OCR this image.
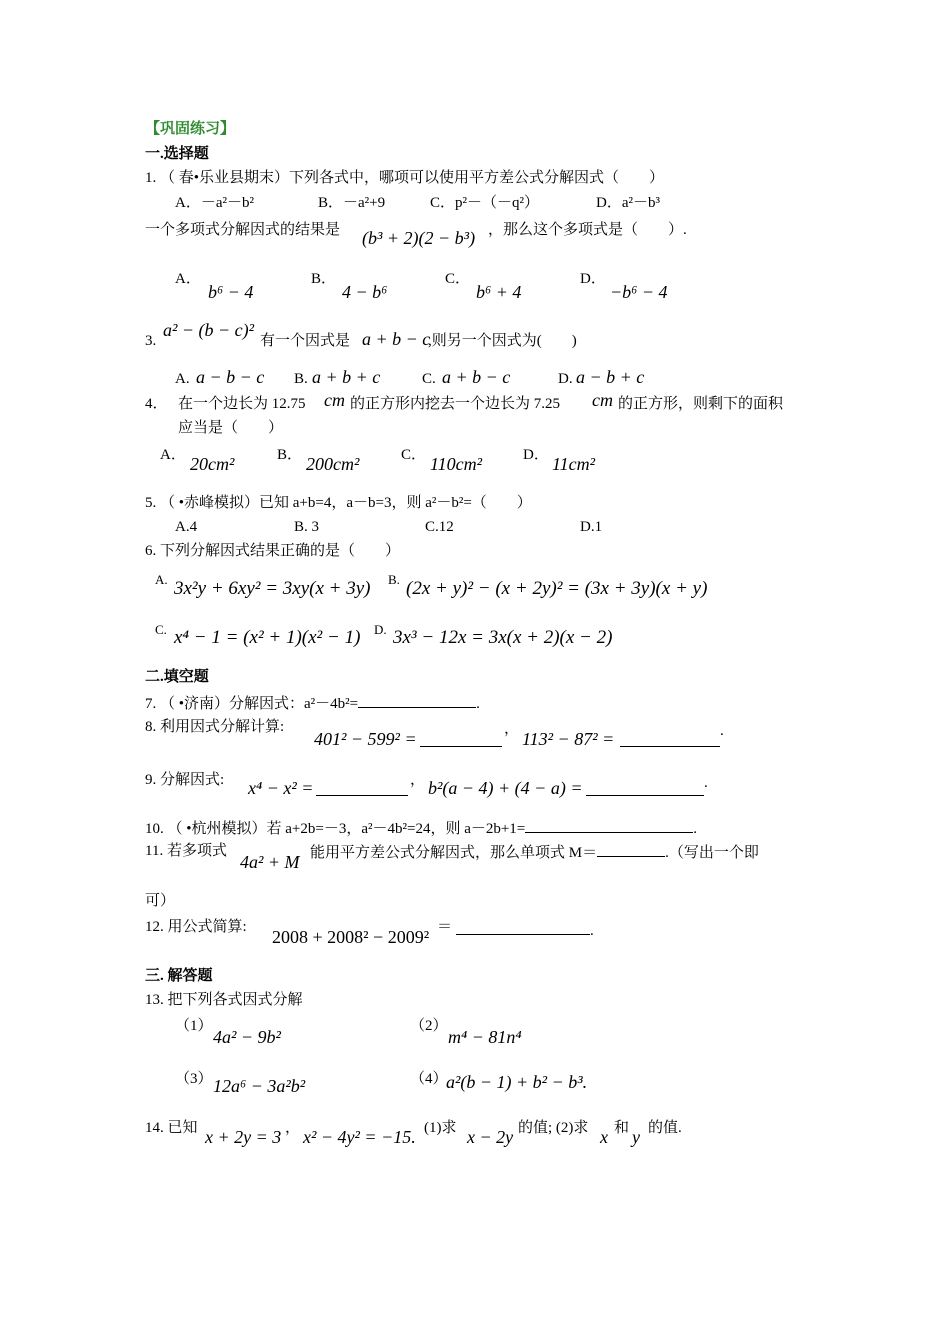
【巩固练习】
一.选择题
1. （ 春•乐业县期末）下列各式中，哪项可以使用平方差公式分解因式（　　）
A．－a²－b²	B．－a²+9	C．p²－（－q²）	D．a²－b³
一个多项式分解因式的结果是 (b³ + 2)(2 − b³) ，那么这个多项式是（　　）.
A．
b⁶ − 4
B．
4 − b⁶
C．
b⁶ + 4
D．
−b⁶ − 4
3.
a² − (b − c)²
有一个因式是 a + b − c
,则另一个因式为(　　)
A. a − b − c B. a + b + c	C. a + b − c	D. a − b + c
4． 在一个边长为 12.75 cm 的正方形内挖去一个边长为 7.25 cm 的正方形，则剩下的面积
应当是（　　）
A． 20cm²	B． 200cm²	C． 110cm²	D． 11cm²
5. （ •赤峰模拟）已知 a+b=4，a－b=3，则 a²－b²=（　　）
A.4	B. 3	C.12	D.1
6. 下列分解因式结果正确的是（　　）
A. 3x²y + 6xy² = 3xy(x + 3y) B. (2x + y)² − (x + 2y)² = (3x + 3y)(x + y)
C. x⁴ − 1 = (x² + 1)(x² − 1) D. 3x³ − 12x = 3x(x + 2)(x − 2)
二.填空题
7. （ •济南）分解因式：a²－4b²=	.
8. 利用因式分解计算:
401² − 599² =	， 113² − 87² =	.
9. 分解因式: x⁴ − x² =	， b²(a − 4) + (4 − a) =	.
10. （ •杭州模拟）若 a+2b=－3，a²－4b²=24，则 a－2b+1=	.
11. 若多项式
4a² + M 能用平方差公式分解因式，那么单项式 M＝	.（写出一个即
可）
12. 用公式简算: 2008 + 2008² − 2009² ＝	.
三. 解答题
13. 把下列各式因式分解
（1）
4a² − 9b²
（2）
m⁴ − 81n⁴
（3） 12a⁶ − 3a²b²	（4）
a²(b − 1) + b² − b³.
14. 已知 x + 2y = 3 ， x² − 4y² = −15. (1)求 x − 2y 的值; (2)求 x 和 y 的值.
